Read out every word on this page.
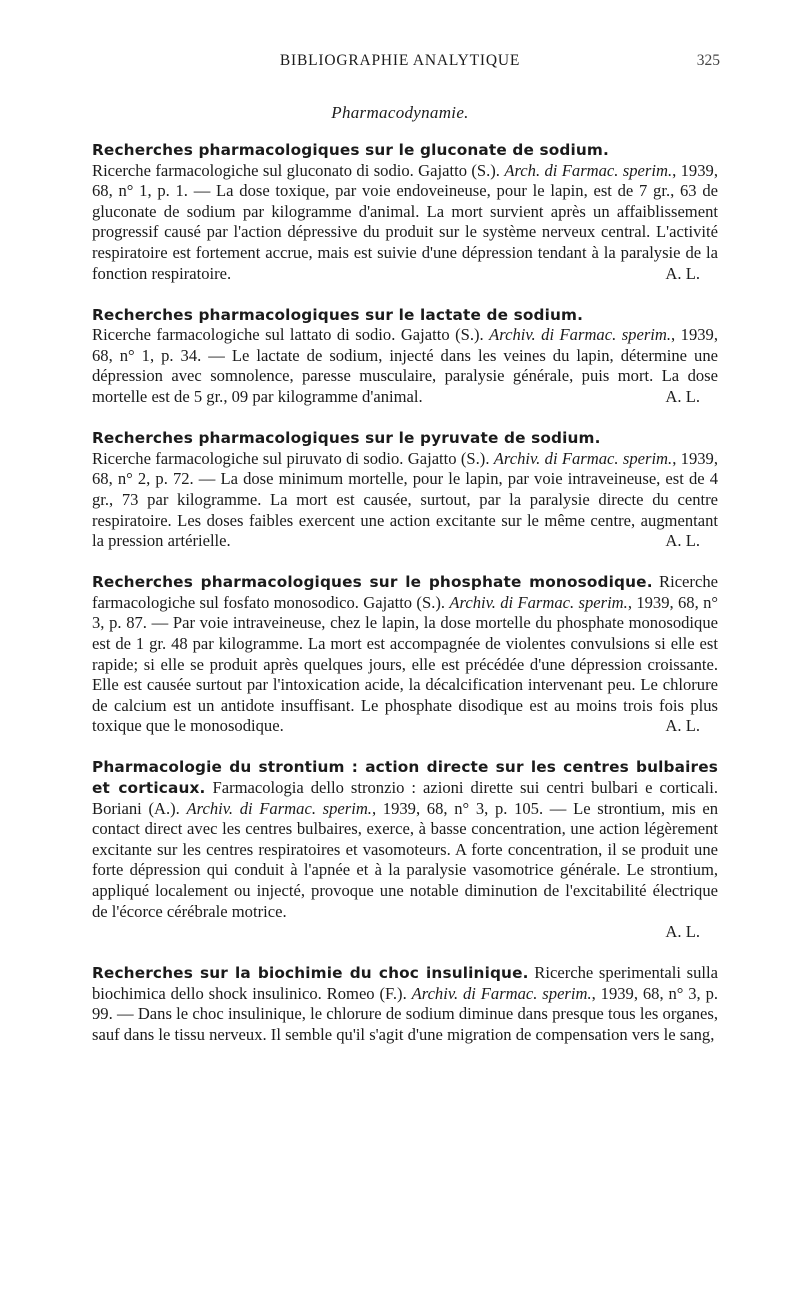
BIBLIOGRAPHIE ANALYTIQUE	325
Pharmacodynamie.
Recherches pharmacologiques sur le gluconate de sodium.

Ricerche farmacologiche sul gluconato di sodio. Gajatto (S.). Arch. di Farmac. sperim., 1939, 68, n° 1, p. 1. — La dose toxique, par voie endoveineuse, pour le lapin, est de 7 gr., 63 de gluconate de sodium par kilogramme d'animal. La mort survient après un affaiblissement progressif causé par l'action dépressive du produit sur le système nerveux central. L'activité respiratoire est fortement accrue, mais est suivie d'une dépression tendant à la paralysie de la fonction respiratoire.	A. L.

Recherches pharmacologiques sur le lactate de sodium.

Ricerche farmacologiche sul lattato di sodio. Gajatto (S.). Archiv. di Farmac. sperim., 1939, 68, n° 1, p. 34. — Le lactate de sodium, injecté dans les veines du lapin, détermine une dépression avec somnolence, paresse musculaire, paralysie générale, puis mort. La dose mortelle est de 5 gr., 09 par kilogramme d'animal.	A. L.

Recherches pharmacologiques sur le pyruvate de sodium.

Ricerche farmacologiche sul piruvato di sodio. Gajatto (S.). Archiv. di Farmac. sperim., 1939, 68, n° 2, p. 72. — La dose minimum mortelle, pour le lapin, par voie intraveineuse, est de 4 gr., 73 par kilogramme. La mort est causée, surtout, par la paralysie directe du centre respiratoire. Les doses faibles exercent une action excitante sur le même centre, augmentant la pression artérielle.	A. L.

Recherches pharmacologiques sur le phosphate monosodique. Ricerche farmacologiche sul fosfato monosodico. Gajatto (S.). Archiv. di Farmac. sperim., 1939, 68, n° 3, p. 87. — Par voie intraveineuse, chez le lapin, la dose mortelle du phosphate monosodique est de 1 gr. 48 par kilogramme. La mort est accompagnée de violentes convulsions si elle est rapide; si elle se produit après quelques jours, elle est précédée d'une dépression croissante. Elle est causée surtout par l'intoxication acide, la décalcification intervenant peu. Le chlorure de calcium est un antidote insuffisant. Le phosphate disodique est au moins trois fois plus toxique que le monosodique.	A. L.

Pharmacologie du strontium : action directe sur les centres bulbaires et corticaux. Farmacologia dello stronzio : azioni dirette sui centri bulbari e corticali. Boriani (A.). Archiv. di Farmac. sperim., 1939, 68, n° 3, p. 105. — Le strontium, mis en contact direct avec les centres bulbaires, exerce, à basse concentration, une action légèrement excitante sur les centres respiratoires et vasomoteurs. A forte concentration, il se produit une forte dépression qui conduit à l'apnée et à la paralysie vasomotrice générale. Le strontium, appliqué localement ou injecté, provoque une notable diminution de l'excitabilité électrique de l'écorce cérébrale motrice.

A. L.

Recherches sur la biochimie du choc insulinique. Ricerche sperimentali sulla biochimica dello shock insulinico. Romeo (F.). Archiv. di Farmac. sperim., 1939, 68, n° 3, p. 99. — Dans le choc insulinique, le chlorure de sodium diminue dans presque tous les organes, sauf dans le tissu nerveux. Il semble qu'il s'agit d'une migration de compensation vers le sang,
